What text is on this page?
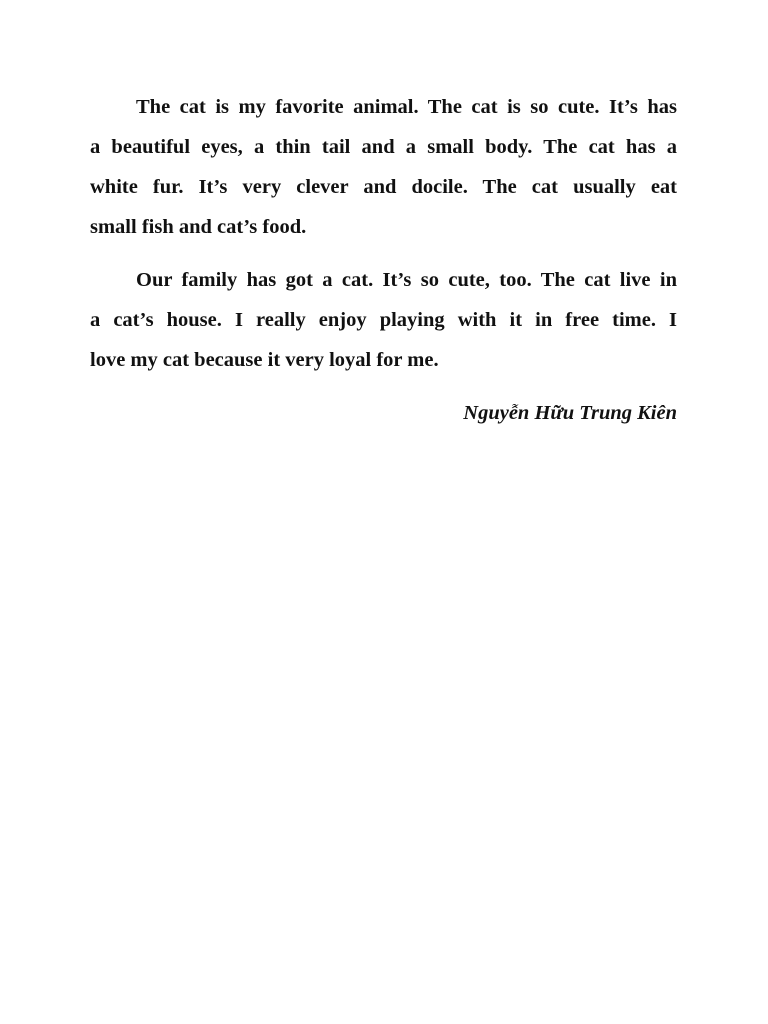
The cat is my favorite animal. The cat is so cute. It’s has
a beautiful eyes, a thin tail and a small body. The cat has a
white fur. It’s very clever and docile. The cat usually eat
small fish and cat’s food.
Our family has got a cat. It’s so cute, too. The cat live in
a cat’s house. I really enjoy playing with it in free time. I
love my cat because it very loyal for me.
Nguyễn Hữu Trung Kiên
